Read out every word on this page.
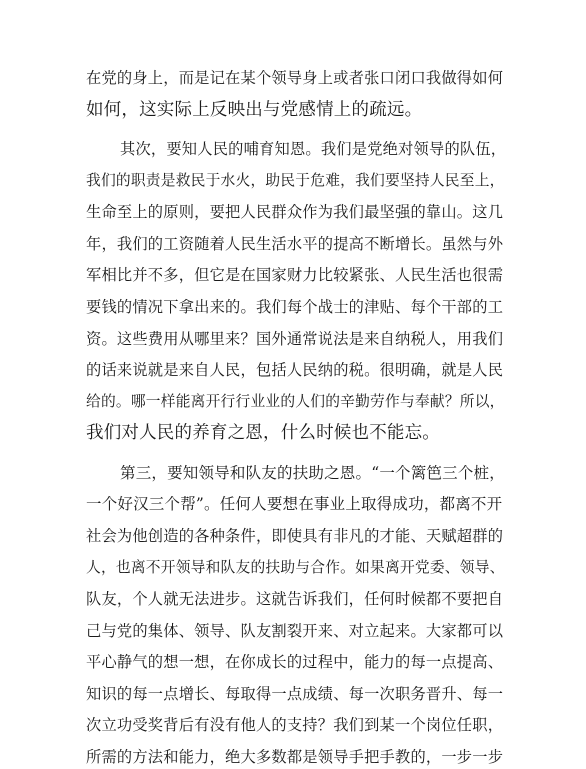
在党的身上，而是记在某个领导身上或者张口闭口我做得如何
如何，这实际上反映出与党感情上的疏远。
其次，要知人民的哺育知恩。我们是党绝对领导的队伍，
我们的职责是救民于水火，助民于危难，我们要坚持人民至上，
生命至上的原则，要把人民群众作为我们最坚强的靠山。这几
年，我们的工资随着人民生活水平的提高不断增长。虽然与外
军相比并不多，但它是在国家财力比较紧张、人民生活也很需
要钱的情况下拿出来的。我们每个战士的津贴、每个干部的工
资。这些费用从哪里来？国外通常说法是来自纳税人，用我们
的话来说就是来自人民，包括人民纳的税。很明确，就是人民
给的。哪一样能离开行行业业的人们的辛勤劳作与奉献？所以，
我们对人民的养育之恩，什么时候也不能忘。
第三，要知领导和队友的扶助之恩。“一个篱笆三个桩，
一个好汉三个帮”。任何人要想在事业上取得成功，都离不开
社会为他创造的各种条件，即使具有非凡的才能、天赋超群的
人，也离不开领导和队友的扶助与合作。如果离开党委、领导、
队友，个人就无法进步。这就告诉我们，任何时候都不要把自
己与党的集体、领导、队友割裂开来、对立起来。大家都可以
平心静气的想一想，在你成长的过程中，能力的每一点提高、
知识的每一点增长、每取得一点成绩、每一次职务晋升、每一
次立功受奖背后有没有他人的支持？我们到某一个岗位任职，
所需的方法和能力，绝大多数都是领导手把手教的，一步一步
